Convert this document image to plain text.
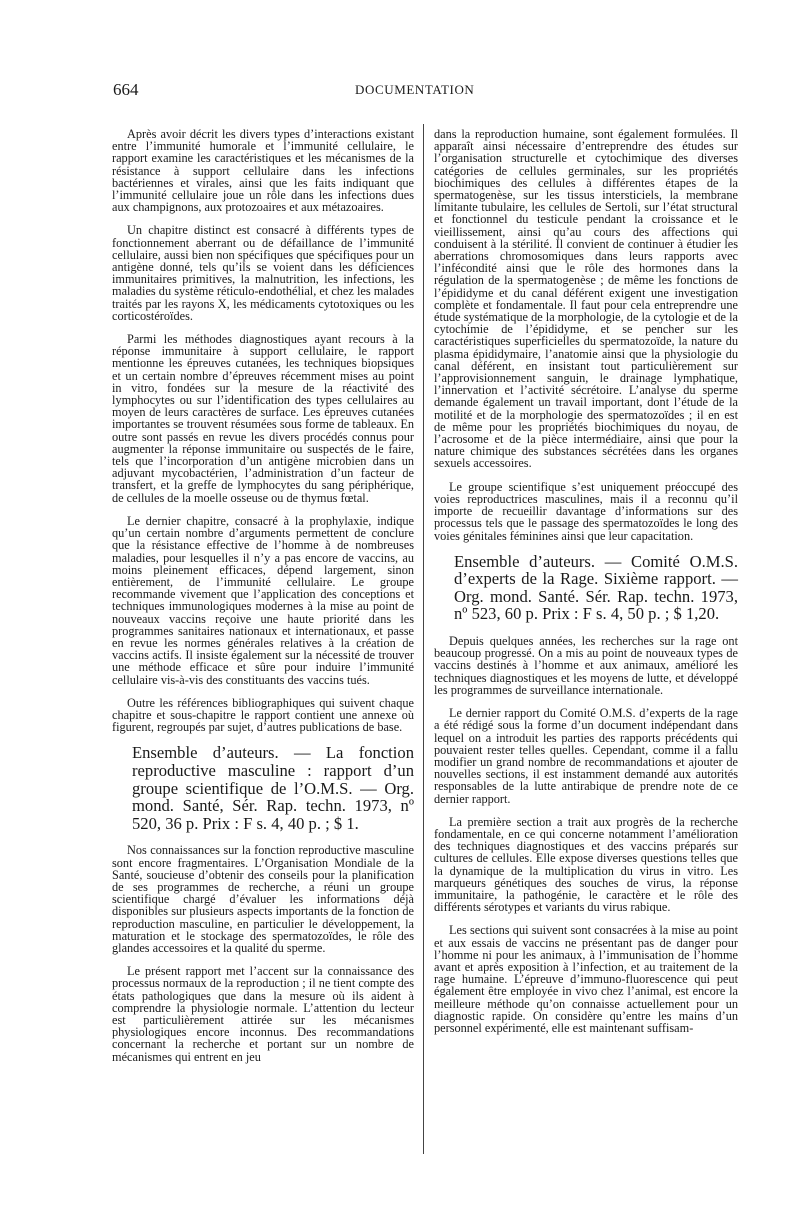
664	DOCUMENTATION

Après avoir décrit les divers types d’interactions existant entre l’immunité humorale et l’immunité cellulaire, le rapport examine les caractéristiques et les mécanismes de la résistance à support cellulaire dans les infections bactériennes et virales, ainsi que les faits indiquant que l’immunité cellulaire joue un rôle dans les infections dues aux champignons, aux protozoaires et aux métazoaires.

Un chapitre distinct est consacré à différents types de fonctionnement aberrant ou de défaillance de l’immunité cellulaire, aussi bien non spécifiques que spécifiques pour un antigène donné, tels qu’ils se voient dans les déficiences immunitaires primitives, la malnutrition, les infections, les maladies du système réticulo-endothélial, et chez les malades traités par les rayons X, les médicaments cytotoxiques ou les corticostéroïdes.

Parmi les méthodes diagnostiques ayant recours à la réponse immunitaire à support cellulaire, le rapport mentionne les épreuves cutanées, les techniques biopsiques et un certain nombre d’épreuves récemment mises au point in vitro, fondées sur la mesure de la réactivité des lymphocytes ou sur l’identification des types cellulaires au moyen de leurs caractères de surface. Les épreuves cutanées importantes se trouvent résumées sous forme de tableaux. En outre sont passés en revue les divers procédés connus pour augmenter la réponse immunitaire ou suspectés de le faire, tels que l’incorporation d’un antigène microbien dans un adjuvant mycobactérien, l’administration d’un facteur de transfert, et la greffe de lymphocytes du sang périphérique, de cellules de la moelle osseuse ou de thymus fœtal.

Le dernier chapitre, consacré à la prophylaxie, indique qu’un certain nombre d’arguments permettent de conclure que la résistance effective de l’homme à de nombreuses maladies, pour lesquelles il n’y a pas encore de vaccins, au moins pleinement efficaces, dépend largement, sinon entièrement, de l’immunité cellulaire. Le groupe recommande vivement que l’application des conceptions et techniques immunologiques modernes à la mise au point de nouveaux vaccins reçoive une haute priorité dans les programmes sanitaires nationaux et internationaux, et passe en revue les normes générales relatives à la création de vaccins actifs. Il insiste également sur la nécessité de trouver une méthode efficace et sûre pour induire l’immunité cellulaire vis-à-vis des constituants des vaccins tués.

Outre les références bibliographiques qui suivent chaque chapitre et sous-chapitre le rapport contient une annexe où figurent, regroupés par sujet, d’autres publications de base.

Ensemble d’auteurs. — La fonction reproductive masculine : rapport d’un groupe scientifique de l’O.M.S. — Org. mond. Santé, Sér. Rap. techn. 1973, nº 520, 36 p. Prix : F s. 4, 40 p. ; $ 1.

Nos connaissances sur la fonction reproductive masculine sont encore fragmentaires. L’Organisation Mondiale de la Santé, soucieuse d’obtenir des conseils pour la planification de ses programmes de recherche, a réuni un groupe scientifique chargé d’évaluer les informations déjà disponibles sur plusieurs aspects importants de la fonction de reproduction masculine, en particulier le développement, la maturation et le stockage des spermatozoïdes, le rôle des glandes accessoires et la qualité du sperme.

Le présent rapport met l’accent sur la connaissance des processus normaux de la reproduction ; il ne tient compte des états pathologiques que dans la mesure où ils aident à comprendre la physiologie normale. L’attention du lecteur est particulièrement attirée sur les mécanismes physiologiques encore inconnus. Des recommandations concernant la recherche et portant sur un nombre de mécanismes qui entrent en jeu

dans la reproduction humaine, sont également formulées. Il apparaît ainsi nécessaire d’entreprendre des études sur l’organisation structurelle et cytochimique des diverses catégories de cellules germinales, sur les propriétés biochimiques des cellules à différentes étapes de la spermatogenèse, sur les tissus intersticiels, la membrane limitante tubulaire, les cellules de Sertoli, sur l’état structural et fonctionnel du testicule pendant la croissance et le vieillissement, ainsi qu’au cours des affections qui conduisent à la stérilité. Il convient de continuer à étudier les aberrations chromosomiques dans leurs rapports avec l’infécondité ainsi que le rôle des hormones dans la régulation de la spermatogenèse ; de même les fonctions de l’épididyme et du canal déférent exigent une investigation complète et fondamentale. Il faut pour cela entreprendre une étude systématique de la morphologie, de la cytologie et de la cytochimie de l’épididyme, et se pencher sur les caractéristiques superficielles du spermatozoïde, la nature du plasma épididymaire, l’anatomie ainsi que la physiologie du canal déférent, en insistant tout particulièrement sur l’approvisionnement sanguin, le drainage lymphatique, l’innervation et l’activité sécrétoire. L’analyse du sperme demande également un travail important, dont l’étude de la motilité et de la morphologie des spermatozoïdes ; il en est de même pour les propriétés biochimiques du noyau, de l’acrosome et de la pièce intermédiaire, ainsi que pour la nature chimique des substances sécrétées dans les organes sexuels accessoires.

Le groupe scientifique s’est uniquement préoccupé des voies reproductrices masculines, mais il a reconnu qu’il importe de recueillir davantage d’informations sur des processus tels que le passage des spermatozoïdes le long des voies génitales féminines ainsi que leur capacitation.

Ensemble d’auteurs. — Comité O.M.S. d’experts de la Rage. Sixième rapport. — Org. mond. Santé. Sér. Rap. techn. 1973, nº 523, 60 p. Prix : F s. 4, 50 p. ; $ 1,20.

Depuis quelques années, les recherches sur la rage ont beaucoup progressé. On a mis au point de nouveaux types de vaccins destinés à l’homme et aux animaux, amélioré les techniques diagnostiques et les moyens de lutte, et développé les programmes de surveillance internationale.

Le dernier rapport du Comité O.M.S. d’experts de la rage a été rédigé sous la forme d’un document indépendant dans lequel on a introduit les parties des rapports précédents qui pouvaient rester telles quelles. Cependant, comme il a fallu modifier un grand nombre de recommandations et ajouter de nouvelles sections, il est instamment demandé aux autorités responsables de la lutte antirabique de prendre note de ce dernier rapport.

La première section a trait aux progrès de la recherche fondamentale, en ce qui concerne notamment l’amélioration des techniques diagnostiques et des vaccins préparés sur cultures de cellules. Elle expose diverses questions telles que la dynamique de la multiplication du virus in vitro. Les marqueurs génétiques des souches de virus, la réponse immunitaire, la pathogénie, le caractère et le rôle des différents sérotypes et variants du virus rabique.

Les sections qui suivent sont consacrées à la mise au point et aux essais de vaccins ne présentant pas de danger pour l’homme ni pour les animaux, à l’immunisation de l’homme avant et après exposition à l’infection, et au traitement de la rage humaine. L’épreuve d’immuno-fluorescence qui peut également être employée in vivo chez l’animal, est encore la meilleure méthode qu’on connaisse actuellement pour un diagnostic rapide. On considère qu’entre les mains d’un personnel expérimenté, elle est maintenant suffisam-
